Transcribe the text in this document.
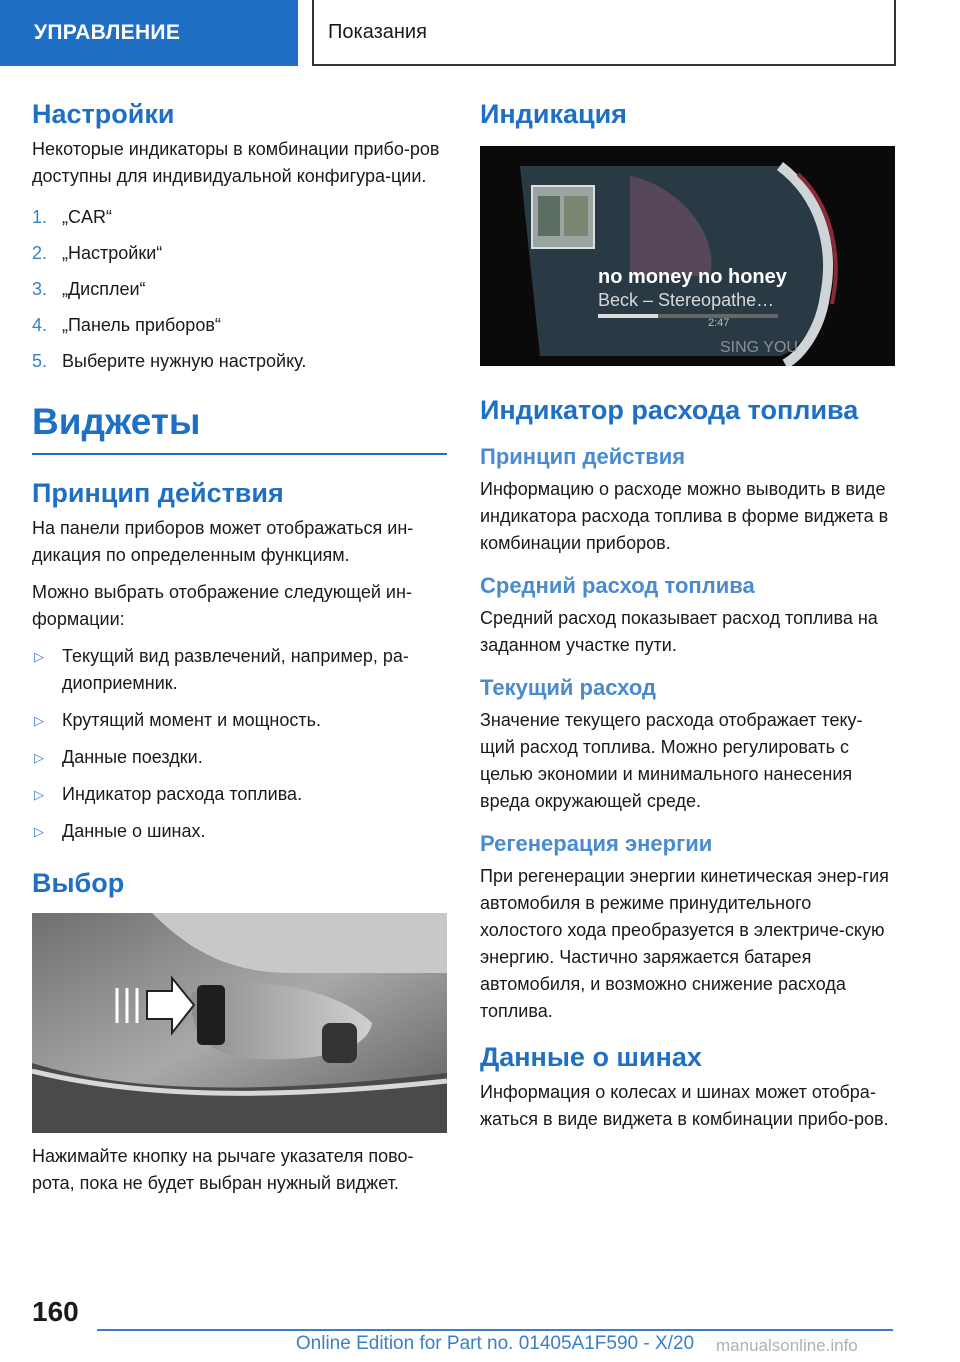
УПРАВЛЕНИЕ	Показания
Настройки
Некоторые индикаторы в комбинации прибо-ров доступны для индивидуальной конфигура-ции.
1. „CAR“
2. „Настройки“
3. „Дисплеи“
4. „Панель приборов“
5. Выберите нужную настройку.
Виджеты
Принцип действия
На панели приборов может отображаться ин-дикация по определенным функциям.
Можно выбрать отображение следующей ин-формации:
▷	Текущий вид развлечений, например, ра-диоприемник.
▷	Крутящий момент и мощность.
▷	Данные поездки.
▷	Индикатор расхода топлива.
▷	Данные о шинах.
Выбор
Нажимайте кнопку на рычаге указателя пово-рота, пока не будет выбран нужный виджет.
Индикация
no money no honey
Beck – Stereopathe…
2:47
SING YOU
Индикатор расхода топлива
Принцип действия
Информацию о расходе можно выводить в виде индикатора расхода топлива в форме виджета в комбинации приборов.
Средний расход топлива
Средний расход показывает расход топлива на заданном участке пути.
Текущий расход
Значение текущего расхода отображает теку-щий расход топлива. Можно регулировать с целью экономии и минимального нанесения вреда окружающей среде.
Регенерация энергии
При регенерации энергии кинетическая энер-гия автомобиля в режиме принудительного холостого хода преобразуется в электриче-скую энергию. Частично заряжается батарея автомобиля, и возможно снижение расхода топлива.
Данные о шинах
Информация о колесах и шинах может отобра-жаться в виде виджета в комбинации прибо-ров.
160
Online Edition for Part no. 01405A1F590 - X/20	manualsonline.info
